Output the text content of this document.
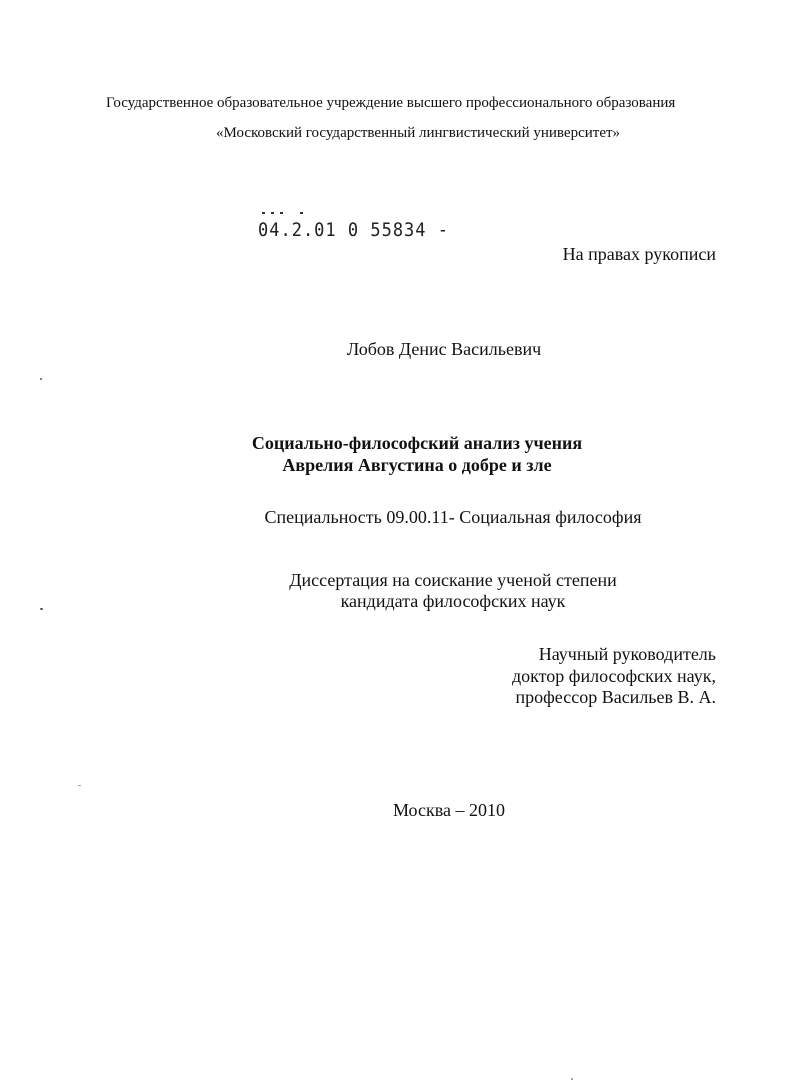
Государственное образовательное учреждение высшего профессионального образования
«Московский государственный лингвистический университет»
04.2.01 0 55834 -
На правах рукописи
Лобов Денис Васильевич
Социально-философский анализ учения
Аврелия Августина о добре и зле
Специальность 09.00.11- Социальная философия
Диссертация на соискание ученой степени
кандидата философских наук
Научный руководитель
доктор философских наук,
профессор Васильев В. А.
Москва – 2010
